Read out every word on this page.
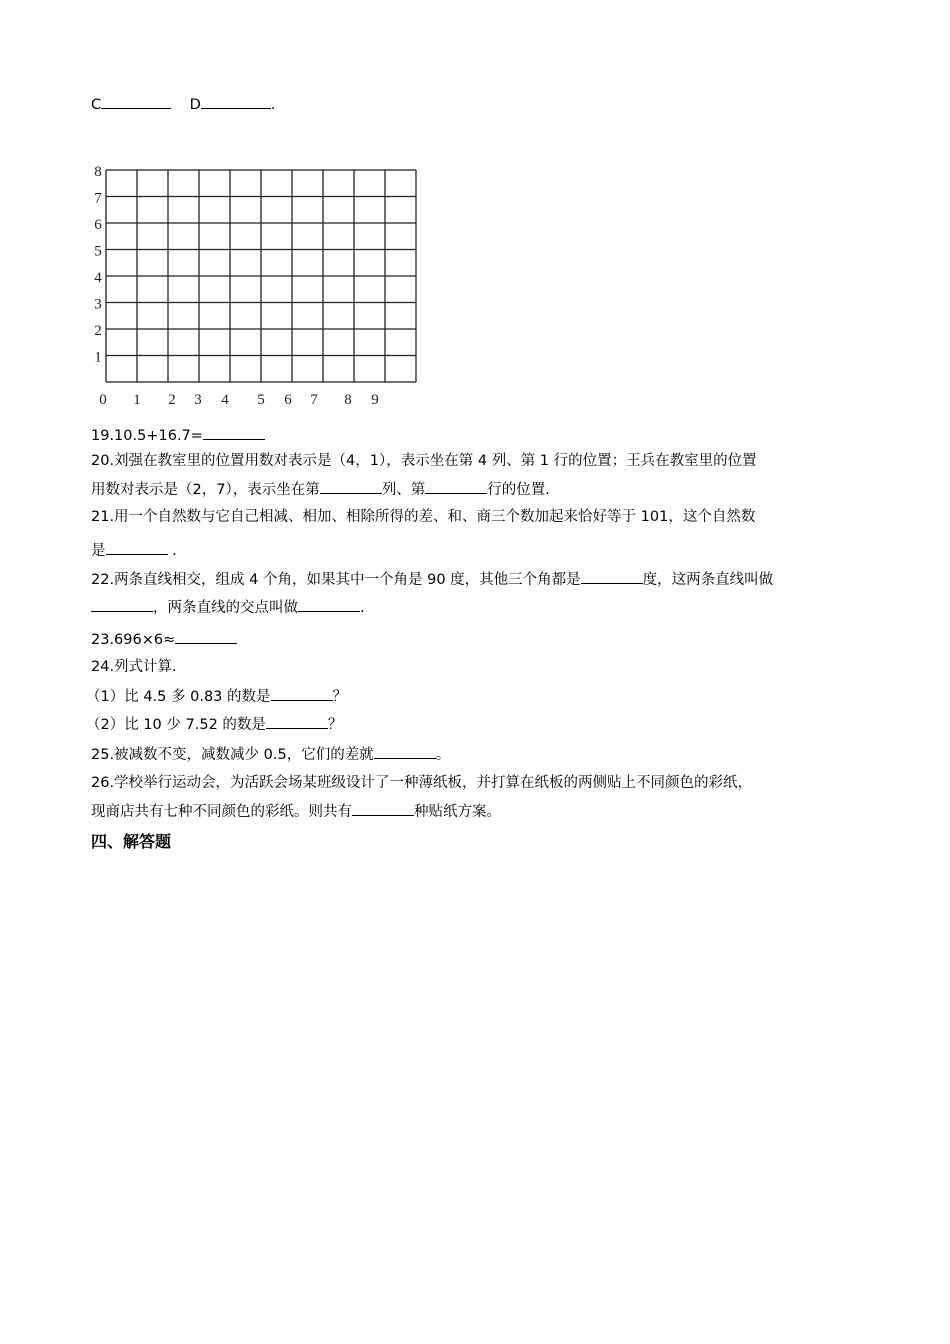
C	D	.
0 1 2 3 4 5 6 7 8 9
1
2
3
4
5
6
7
8
19.10.5+16.7=
20.刘强在教室里的位置用数对表示是（4，1），表示坐在第 4 列、第 1 行的位置；王兵在教室里的位置
用数对表示是（2，7），表示坐在第	列、第	行的位置.
21.用一个自然数与它自己相减、相加、相除所得的差、和、商三个数加起来恰好等于 101，这个自然数
是	.
22.两条直线相交，组成 4 个角，如果其中一个角是 90 度，其他三个角都是	度，这两条直线叫做
，两条直线的交点叫做	.
23.696×6≈
24.列式计算.
（1）比 4.5 多 0.83 的数是	？
（2）比 10 少 7.52 的数是	？
25.被减数不变，减数减少 0.5，它们的差就	。
26.学校举行运动会，为活跃会场某班级设计了一种薄纸板，并打算在纸板的两侧贴上不同颜色的彩纸，
现商店共有七种不同颜色的彩纸。则共有	种贴纸方案。
四、解答题
